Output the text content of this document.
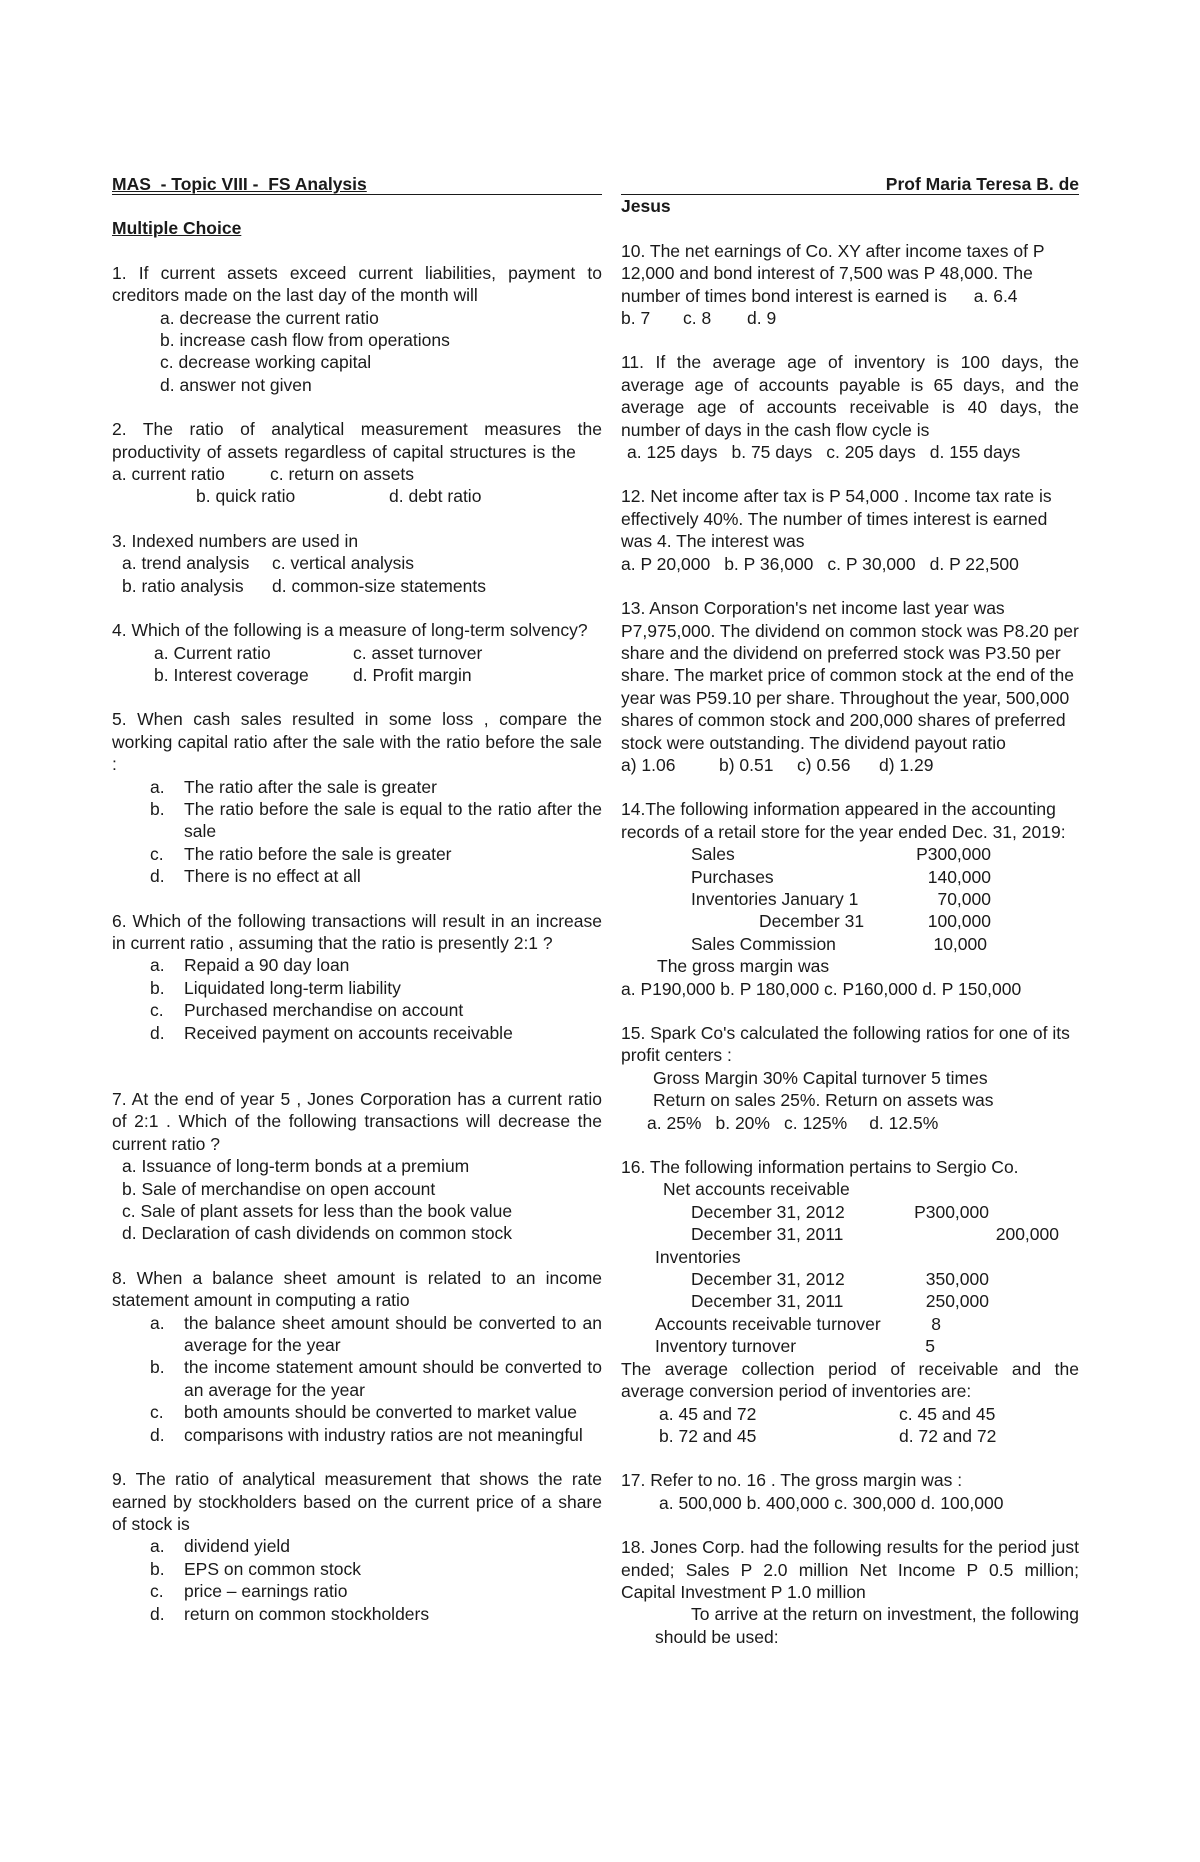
MAS  - Topic VIII -  FS Analysis
Multiple Choice
1. If current assets exceed current liabilities, payment to creditors made on the last day of the month will
a. decrease the current ratio
b. increase cash flow from operations
c. decrease working capital
d. answer not given
2. The ratio of analytical measurement measures the productivity of assets regardless of capital structures is the a. current ratio	c. return on assets
b. quick ratio	d. debt ratio
3. Indexed numbers are used in
a. trend analysis	c. vertical analysis
b. ratio analysis	d. common-size statements
4. Which of the following is a measure of long-term solvency?
a. Current ratio	c. asset turnover
b. Interest coverage	d. Profit margin
5. When cash sales resulted in some loss , compare the working capital ratio after the sale with the ratio before the sale :
a.	The ratio after the sale is greater
b.	The ratio before the sale is equal to the ratio after the sale
c.	The ratio before the sale is greater
d.	There is no effect at all
6. Which of the following transactions will result in an increase in current ratio , assuming that the ratio is presently 2:1 ?
a.	Repaid a 90 day loan
b.	Liquidated long-term liability
c.	Purchased merchandise on account
d.	Received payment on accounts receivable
7. At the end of year 5 , Jones Corporation has a current ratio of 2:1 . Which of the following transactions will decrease the current ratio ?
a. Issuance of long-term bonds at a premium
b. Sale of merchandise on open account
c. Sale of plant assets for less than the book value
d. Declaration of cash dividends on common stock
8. When a balance sheet amount is related to an income statement amount in computing a ratio
a.	the balance sheet amount should be converted to an average for the year
b.	the income statement amount should be converted to an average for the year
c.	both amounts should be converted to market value
d.	comparisons with industry ratios are not meaningful
9. The ratio of analytical measurement that shows the rate earned by stockholders based on the current price of a share of stock is
a.	dividend yield
b.	EPS on common stock
c.	price – earnings ratio
d.	return on common stockholders
Prof Maria Teresa B. de
Jesus
10. The net earnings of Co. XY after income taxes of P 12,000 and bond interest of 7,500 was P 48,000. The number of times bond interest is earned is a. 6.4b. 7 c. 8 d. 9
11. If the average age of inventory is 100 days, the average age of accounts payable is 65 days, and the average age of accounts receivable is 40 days, the number of days in the cash flow cycle is
a. 125 days b. 75 days c. 205 days d. 155 days
12. Net income after tax is P 54,000 . Income tax rate is effectively 40%. The number of times interest is earned was 4. The interest was
a. P 20,000 b. P 36,000 c. P 30,000 d. P 22,500
13. Anson Corporation's net income last year was P7,975,000. The dividend on common stock was P8.20 per share and the dividend on preferred stock was P3.50 per share. The market price of common stock at the end of the year was P59.10 per share. Throughout the year, 500,000 shares of common stock and 200,000 shares of preferred stock were outstanding. The dividend payout ratio a) 1.06 b) 0.51 c) 0.56 d) 1.29
14.The following information appeared in the accounting records of a retail store for the year ended Dec. 31, 2019:
Sales	P300,000
Purchases	140,000
Inventories January 1	70,000
December 31	100,000
Sales Commission	10,000
The gross margin was
a. P190,000 b. P 180,000 c. P160,000 d. P 150,000
15. Spark Co's calculated the following ratios for one of its profit centers :
Gross Margin 30% Capital turnover 5 times
Return on sales 25%. Return on assets was
a. 25% b. 20% c. 125% d. 12.5%
16. The following information pertains to Sergio Co.
Net accounts receivable
December 31, 2012	P300,000
December 31, 2011	200,000
Inventories
December 31, 2012	350,000
December 31, 2011	250,000
Accounts receivable turnover	8
Inventory turnover	5
The average collection period of receivable and the average conversion period of inventories are:
a. 45 and 72	c. 45 and 45
b. 72 and 45	d. 72 and 72
17. Refer to no. 16 . The gross margin was :
a. 500,000 b. 400,000 c. 300,000 d. 100,000
18. Jones Corp. had the following results for the period just ended; Sales P 2.0 million Net Income P 0.5 million; Capital Investment P 1.0 million
To arrive at the return on investment, the following should be used:
